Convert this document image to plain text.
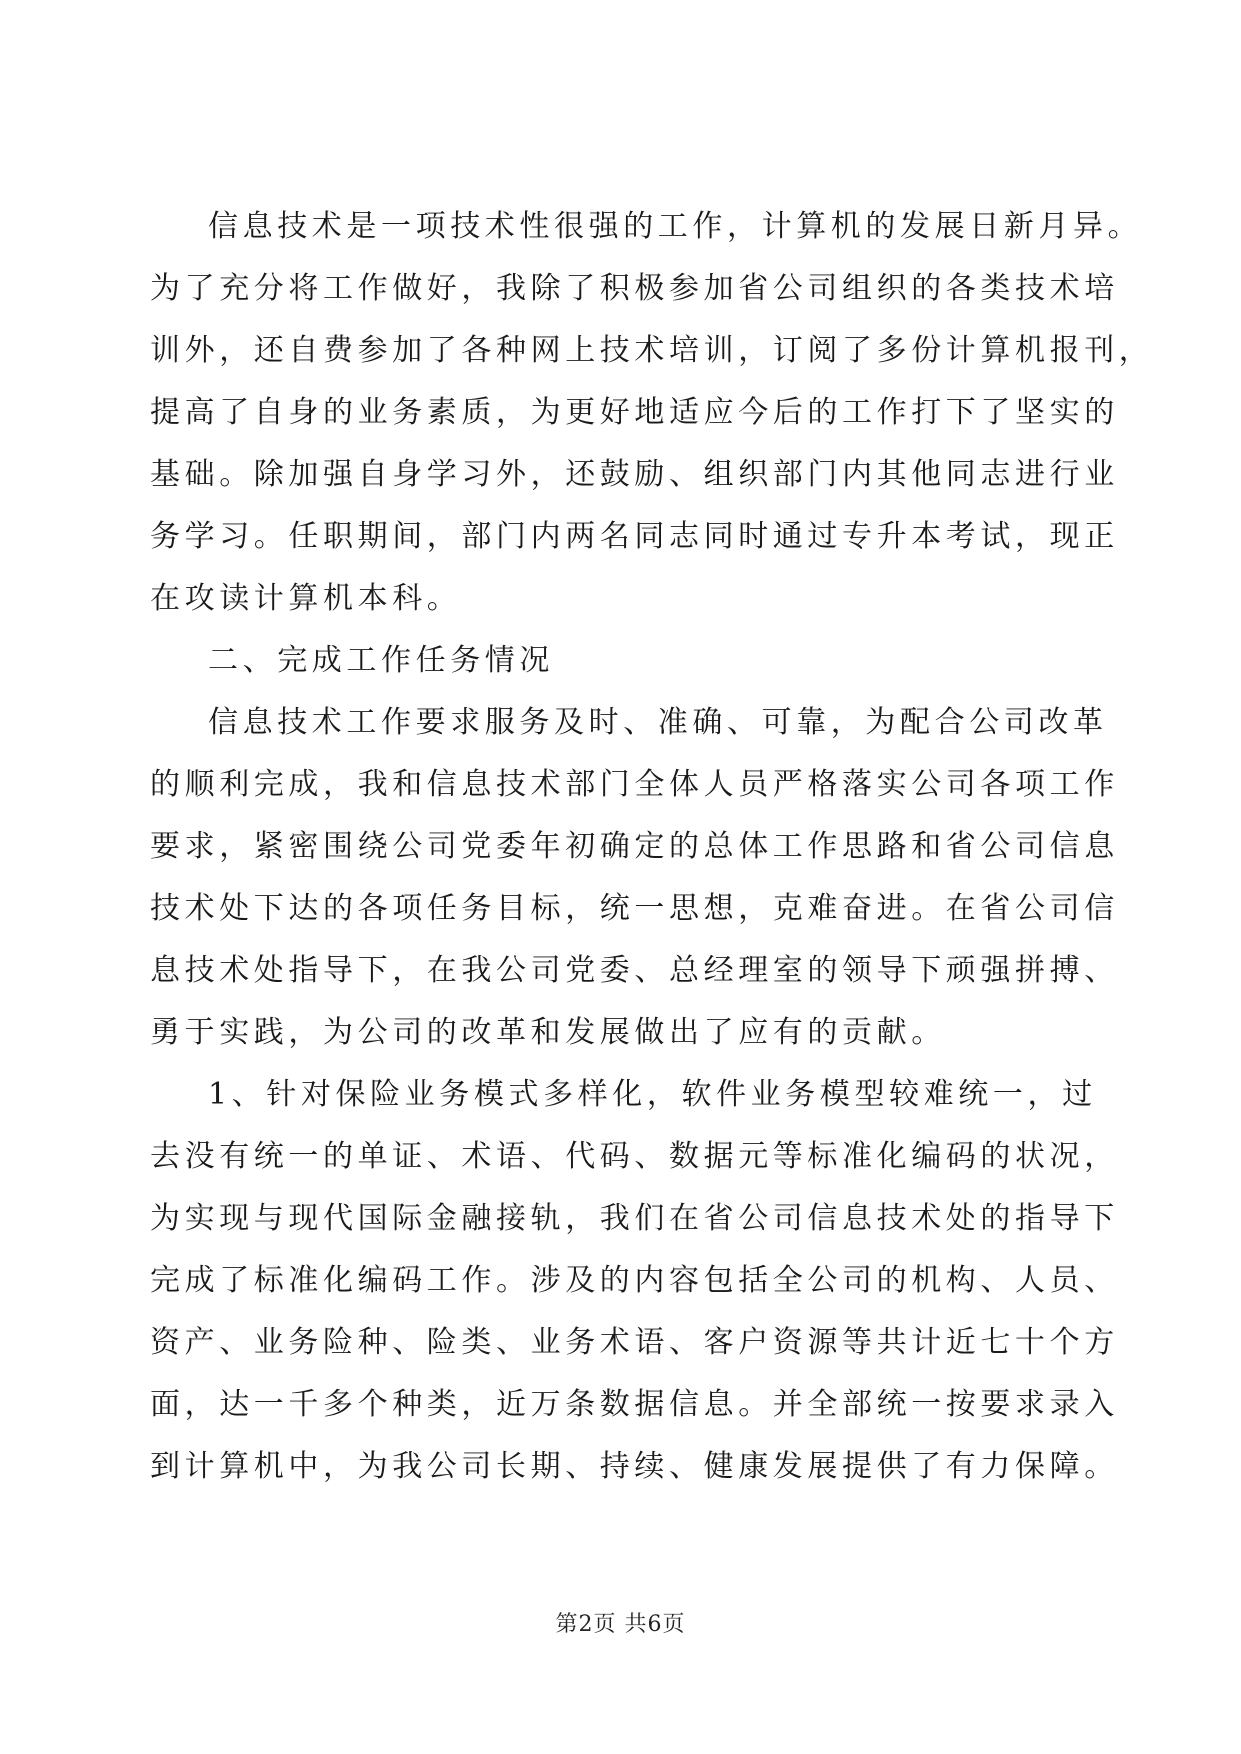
信息技术是一项技术性很强的工作，计算机的发展日新月异。
为了充分将工作做好，我除了积极参加省公司组织的各类技术培
训外，还自费参加了各种网上技术培训，订阅了多份计算机报刊，
提高了自身的业务素质，为更好地适应今后的工作打下了坚实的
基础。除加强自身学习外，还鼓励、组织部门内其他同志进行业
务学习。任职期间，部门内两名同志同时通过专升本考试，现正
在攻读计算机本科。
二、完成工作任务情况
信息技术工作要求服务及时、准确、可靠，为配合公司改革
的顺利完成，我和信息技术部门全体人员严格落实公司各项工作
要求，紧密围绕公司党委年初确定的总体工作思路和省公司信息
技术处下达的各项任务目标，统一思想，克难奋进。在省公司信
息技术处指导下，在我公司党委、总经理室的领导下顽强拼搏、
勇于实践，为公司的改革和发展做出了应有的贡献。
1、针对保险业务模式多样化，软件业务模型较难统一，过
去没有统一的单证、术语、代码、数据元等标准化编码的状况，
为实现与现代国际金融接轨，我们在省公司信息技术处的指导下
完成了标准化编码工作。涉及的内容包括全公司的机构、人员、
资产、业务险种、险类、业务术语、客户资源等共计近七十个方
面，达一千多个种类，近万条数据信息。并全部统一按要求录入
到计算机中，为我公司长期、持续、健康发展提供了有力保障。
第2页 共6页
